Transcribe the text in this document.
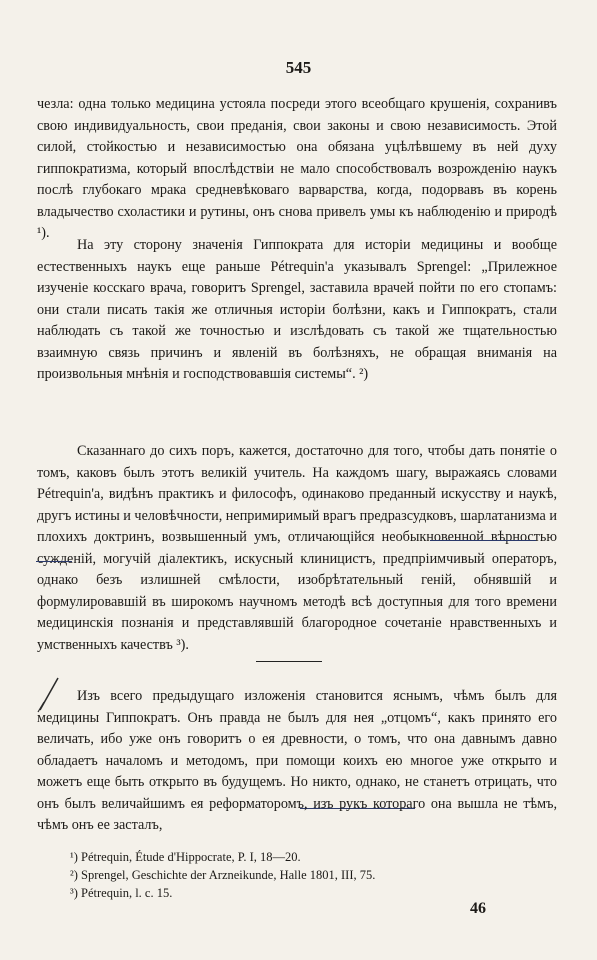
545

чезла: одна только медицина устояла посреди этого всеобщаго крушенія, сохранивъ свою индивидуальность, свои преданія, свои законы и свою независимость. Этой силой, стойкостью и независимостью она обязана уцѣлѣвшему въ ней духу гиппократизма, который впослѣдствіи не мало способствовалъ возрожденію наукъ послѣ глубокаго мрака средневѣковаго варварства, когда, подорвавъ въ корень владычество схоластики и рутины, онъ снова привелъ умы къ наблюденію и природѣ ¹).

На эту сторону значенія Гиппократа для исторіи медицины и вообще естественныхъ наукъ еще раньше Pétrequin'а указывалъ Sprengel: „Прилежное изученіе косскаго врача, говоритъ Sprengel, заставила врачей пойти по его стопамъ: они стали писать такія же отличныя исторіи болѣзни, какъ и Гиппократъ, стали наблюдать съ такой же точностью и изслѣдовать съ такой же тщательностью взаимную связь причинъ и явленій въ болѣзняхъ, не обращая вниманія на произвольныя мнѣнія и господствовавшія системы“. ²)

Сказаннаго до сихъ поръ, кажется, достаточно для того, чтобы дать понятіе о томъ, каковъ былъ этотъ великій учитель. На каждомъ шагу, выражаясь словами Pétrequin'а, видѣнъ практикъ и философъ, одинаково преданный искусству и наукѣ, другъ истины и человѣчности, непримиримый врагъ предразсудковъ, шарлатанизма и плохихъ доктринъ, возвышенный умъ, отличающійся необыкновенной вѣрностью сужденій, могучій діалектикъ, искусный клиницистъ, предпріимчивый операторъ, однако безъ излишней смѣлости, изобрѣтательный геній, обнявшій и формулировавшій въ широкомъ научномъ методѣ всѣ доступныя для того времени медицинскія познанія и представлявшій благородное сочетаніе нравственныхъ и умственныхъ качествъ ³).

Изъ всего предыдущаго изложенія становится яснымъ, чѣмъ былъ для медицины Гиппократъ. Онъ правда не былъ для нея „отцомъ“, какъ принято его величать, ибо уже онъ говоритъ о ея древности, о томъ, что она давнымъ давно обладаетъ началомъ и методомъ, при помощи коихъ ею многое уже открыто и можетъ еще быть открыто въ будущемъ. Но никто, однако, не станетъ отрицать, что онъ былъ величайшимъ ея реформаторомъ, изъ рукъ котораго она вышла не тѣмъ, чѣмъ онъ ее засталъ,

¹) Pétrequin, Étude d'Hippocrate, P. I, 18—20.
²) Sprengel, Geschichte der Arzneikunde, Halle 1801, III, 75.
³) Pétrequin, l. c. 15.
46
